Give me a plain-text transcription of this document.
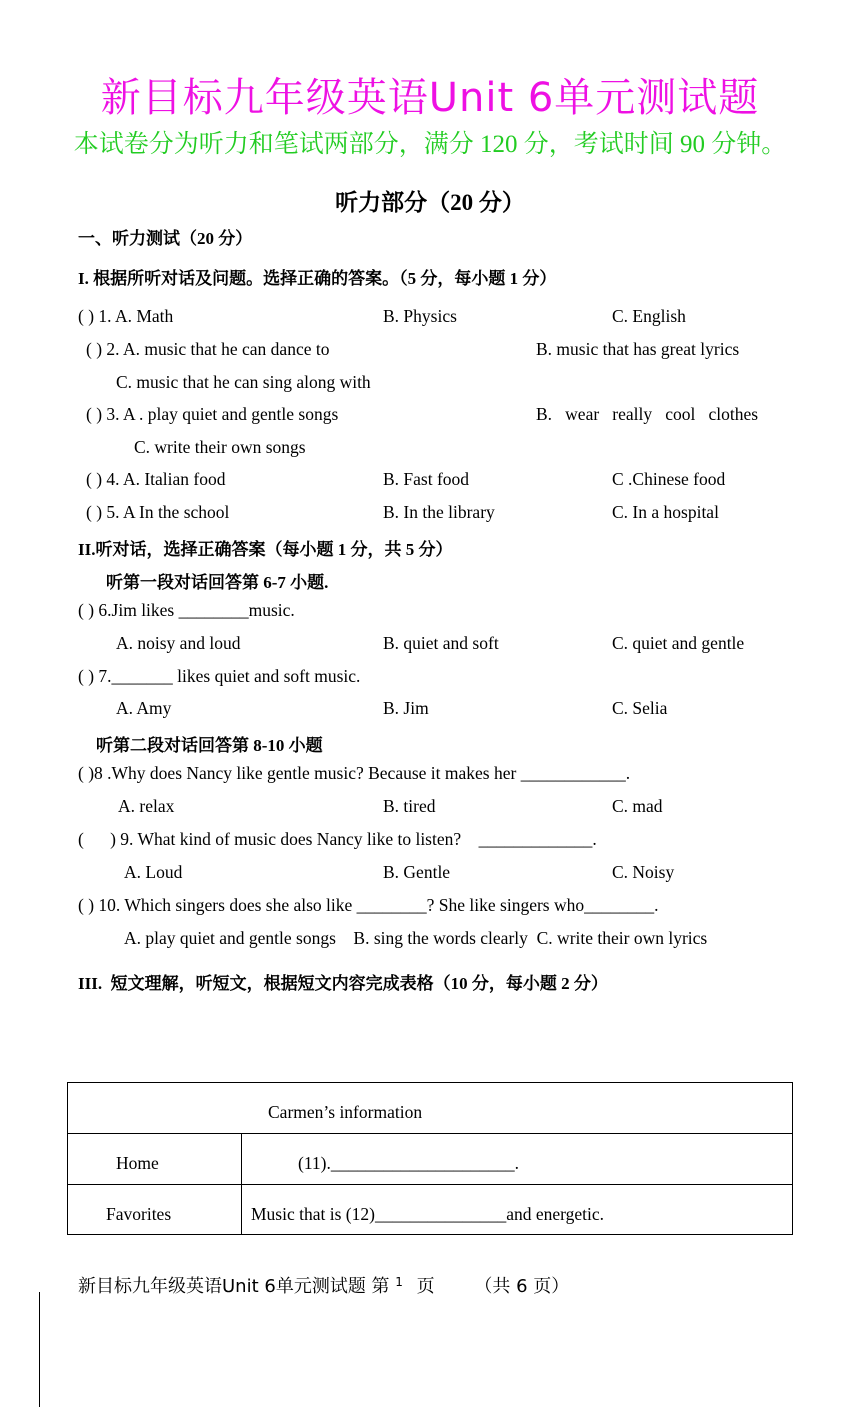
新目标九年级英语Unit 6单元测试题
本试卷分为听力和笔试两部分，满分 120 分，考试时间 90 分钟。
听力部分（20 分）
一、听力测试（20 分）
I. 根据所听对话及问题。选择正确的答案。（5 分，每小题 1 分）
( ) 1. A. Math	B. Physics	C. English
( ) 2. A. music that he can dance to	B. music that has great lyrics
C. music that he can sing along with
( ) 3. A . play quiet and gentle songs	B.   wear   really   cool   clothes
C. write their own songs
( ) 4. A. Italian food	B. Fast food	C .Chinese food
( ) 5. A In the school	B. In the library	C. In a hospital
II.听对话，选择正确答案（每小题 1 分，共 5 分）
听第一段对话回答第 6-7 小题.
( ) 6.Jim likes ________music.
A. noisy and loud	B. quiet and soft	C. quiet and gentle
( ) 7._______ likes quiet and soft music.
A. Amy	B. Jim	C. Selia
听第二段对话回答第 8-10 小题
( )8 .Why does Nancy like gentle music? Because it makes her ____________.
A. relax	B. tired	C. mad
(      ) 9. What kind of music does Nancy like to listen?    _____________.
A. Loud	B. Gentle	C. Noisy
( ) 10. Which singers does she also like ________? She like singers who________.
A. play quiet and gentle songs    B. sing the words clearly  C. write their own lyrics
III.  短文理解，听短文，根据短文内容完成表格（10 分，每小题 2 分）
Carmen’s information
Home	(11)._____________________.
Favorites	Music that is (12)_______________and energetic.
新目标九年级英语Unit 6单元测试题 第 $^1$ 页 （共 6 页）
